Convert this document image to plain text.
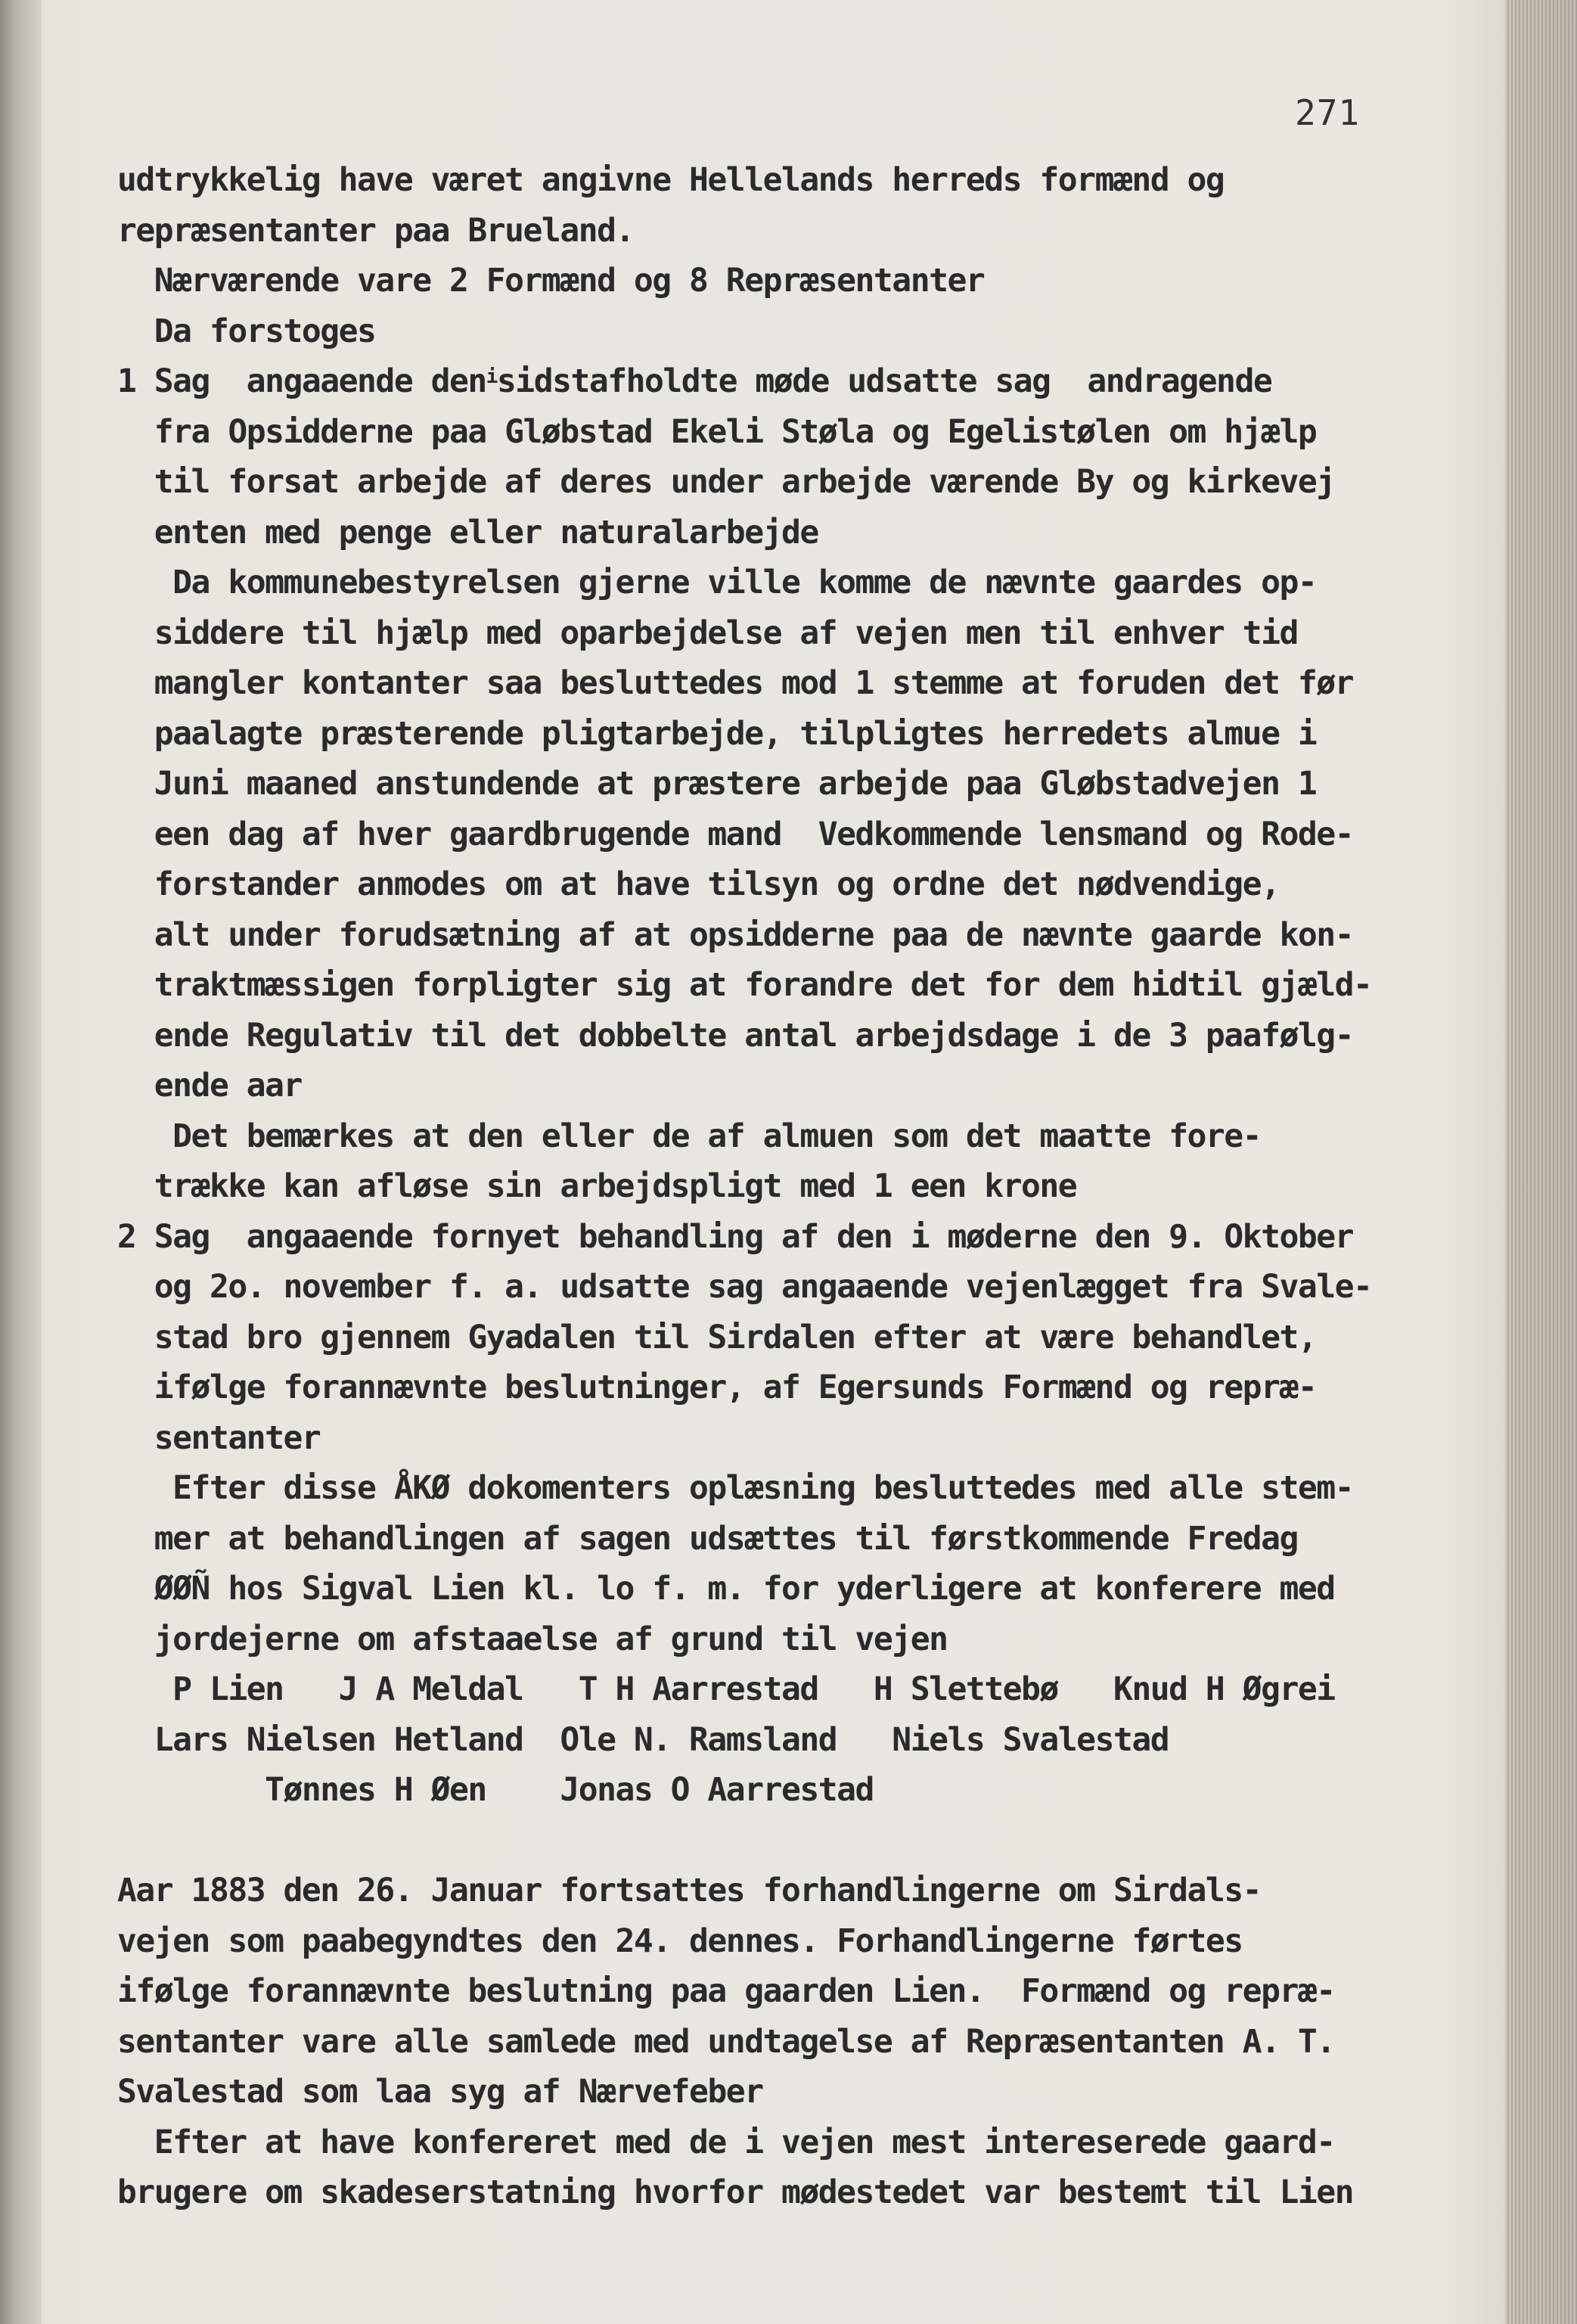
271
udtrykkelig have været angivne Hellelands herreds formænd og
repræsentanter paa Brueland.
Nærværende vare 2 Formænd og 8 Repræsentanter
Da forstoges
1 Sag  angaaende den$^i$sidstafholdte møde udsatte sag  andragende
fra Opsidderne paa Gløbstad Ekeli Støla og Egelistølen om hjælp
til forsat arbejde af deres under arbejde værende By og kirkevej
enten med penge eller naturalarbejde
Da kommunebestyrelsen gjerne ville komme de nævnte gaardes op-
siddere til hjælp med oparbejdelse af vejen men til enhver tid
mangler kontanter saa besluttedes mod 1 stemme at foruden det før
paalagte præsterende pligtarbejde, tilpligtes herredets almue i
Juni maaned anstundende at præstere arbejde paa Gløbstadvejen 1
een dag af hver gaardbrugende mand  Vedkommende lensmand og Rode-
forstander anmodes om at have tilsyn og ordne det nødvendige,
alt under forudsætning af at opsidderne paa de nævnte gaarde kon-
traktmæssigen forpligter sig at forandre det for dem hidtil gjæld-
ende Regulativ til det dobbelte antal arbejdsdage i de 3 paafølg-
ende aar
Det bemærkes at den eller de af almuen som det maatte fore-
trække kan afløse sin arbejdspligt med 1 een krone
2 Sag  angaaende fornyet behandling af den i møderne den 9. Oktober
og 2o. november f. a. udsatte sag angaaende vejenlægget fra Svale-
stad bro gjennem Gyadalen til Sirdalen efter at være behandlet,
ifølge forannævnte beslutninger, af Egersunds Formænd og repræ-
sentanter
Efter disse ÅKØ dokomenters oplæsning besluttedes med alle stem-
mer at behandlingen af sagen udsættes til førstkommende Fredag
ØØÑ hos Sigval Lien kl. lo f. m. for yderligere at konferere med
jordejerne om afstaaelse af grund til vejen
P Lien   J A Meldal   T H Aarrestad   H Slettebø   Knud H Øgrei
Lars Nielsen Hetland  Ole N. Ramsland   Niels Svalestad
Tønnes H Øen    Jonas O Aarrestad
Aar 1883 den 26. Januar fortsattes forhandlingerne om Sirdals-
vejen som paabegyndtes den 24. dennes. Forhandlingerne førtes
ifølge forannævnte beslutning paa gaarden Lien.  Formænd og repræ-
sentanter vare alle samlede med undtagelse af Repræsentanten A. T.
Svalestad som laa syg af Nærvefeber
Efter at have konfereret med de i vejen mest intereserede gaard-
brugere om skadeserstatning hvorfor mødestedet var bestemt til Lien
